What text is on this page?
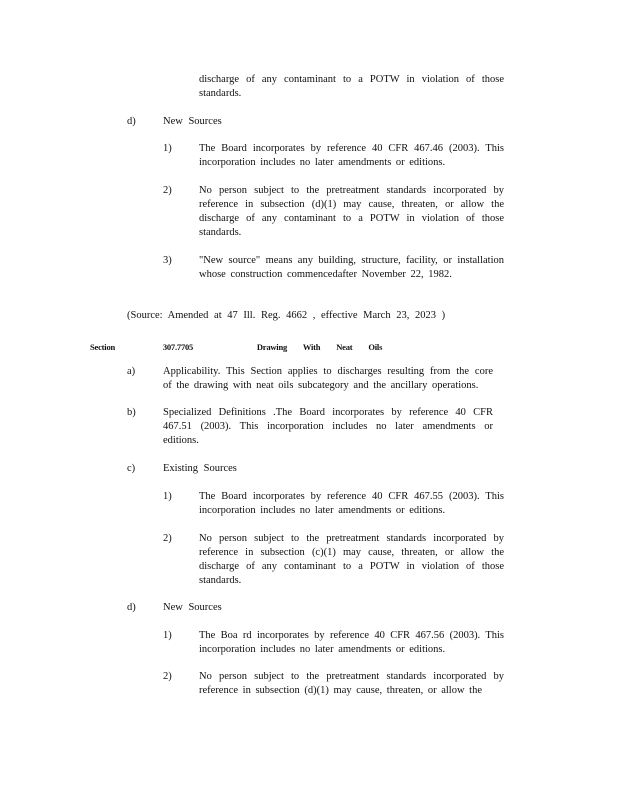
discharge of any contaminant to a POTW in violation of those standards.
d)	New Sources
1)	The Board incorporates by reference 40 CFR 467.46 (2003). This incorporation includes no later amendments or editions.
2)	No person subject to the pretreatment standards incorporated by reference in subsection (d)(1) may cause, threaten, or allow the discharge of any contaminant to a POTW in violation of those standards.
3)	"New source" means any building, structure, facility, or installation whose construction commencedafter November 22, 1982.
(Source: Amended at 47 Ill. Reg. 4662 , effective March 23, 2023 )
Section	307.7705	Drawing With Neat Oils
a)	Applicability. This Section applies to discharges resulting from the core of the drawing with neat oils subcategory and the ancillary operations.
b)	Specialized Definitions .The Board incorporates by reference 40 CFR 467.51 (2003). This incorporation includes no later amendments or editions.
c)	Existing Sources
1)	The Board incorporates by reference 40 CFR 467.55 (2003). This incorporation includes no later amendments or editions.
2)	No person subject to the pretreatment standards incorporated by reference in subsection (c)(1) may cause, threaten, or allow the discharge of any contaminant to a POTW in violation of those standards.
d)	New Sources
1)	The Boa rd incorporates by reference 40 CFR 467.56 (2003). This incorporation includes no later amendments or editions.
2)	No person subject to the pretreatment standards incorporated by reference in subsection (d)(1) may cause, threaten, or allow the
